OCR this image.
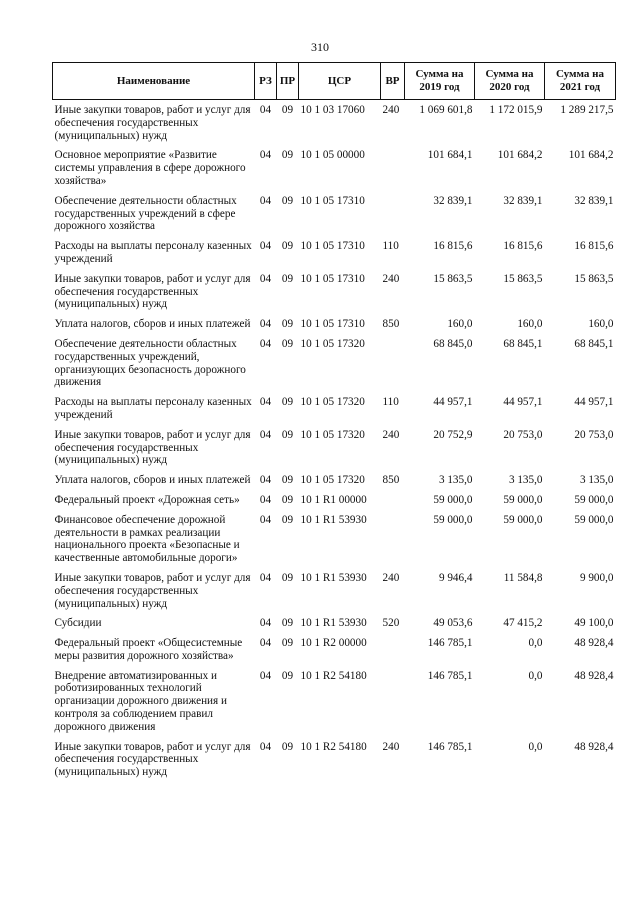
310
Наименование	РЗ	ПР	ЦСР	ВР	Сумма на 2019 год	Сумма на 2020 год	Сумма на 2021 год
Иные закупки товаров, работ и услуг для обеспечения государственных (муниципальных) нужд	04	09	10 1 03 17060	240	1 069 601,8	1 172 015,9	1 289 217,5
Основное мероприятие «Развитие системы управления в сфере дорожного хозяйства»	04	09	10 1 05 00000		101 684,1	101 684,2	101 684,2
Обеспечение деятельности областных государственных учреждений в сфере дорожного хозяйства	04	09	10 1 05 17310		32 839,1	32 839,1	32 839,1
Расходы на выплаты персоналу казенных учреждений	04	09	10 1 05 17310	110	16 815,6	16 815,6	16 815,6
Иные закупки товаров, работ и услуг для обеспечения государственных (муниципальных) нужд	04	09	10 1 05 17310	240	15 863,5	15 863,5	15 863,5
Уплата налогов, сборов и иных платежей	04	09	10 1 05 17310	850	160,0	160,0	160,0
Обеспечение деятельности областных государственных учреждений, организующих безопасность дорожного движения	04	09	10 1 05 17320		68 845,0	68 845,1	68 845,1
Расходы на выплаты персоналу казенных учреждений	04	09	10 1 05 17320	110	44 957,1	44 957,1	44 957,1
Иные закупки товаров, работ и услуг для обеспечения государственных (муниципальных) нужд	04	09	10 1 05 17320	240	20 752,9	20 753,0	20 753,0
Уплата налогов, сборов и иных платежей	04	09	10 1 05 17320	850	3 135,0	3 135,0	3 135,0
Федеральный проект «Дорожная сеть»	04	09	10 1 R1 00000		59 000,0	59 000,0	59 000,0
Финансовое обеспечение дорожной деятельности в рамках реализации национального проекта «Безопасные и качественные автомобильные дороги»	04	09	10 1 R1 53930		59 000,0	59 000,0	59 000,0
Иные закупки товаров, работ и услуг для обеспечения государственных (муниципальных) нужд	04	09	10 1 R1 53930	240	9 946,4	11 584,8	9 900,0
Субсидии	04	09	10 1 R1 53930	520	49 053,6	47 415,2	49 100,0
Федеральный проект «Общесистемные меры развития дорожного хозяйства»	04	09	10 1 R2 00000		146 785,1	0,0	48 928,4
Внедрение автоматизированных и роботизированных технологий организации дорожного движения и контроля за соблюдением правил дорожного движения	04	09	10 1 R2 54180		146 785,1	0,0	48 928,4
Иные закупки товаров, работ и услуг для обеспечения государственных (муниципальных) нужд	04	09	10 1 R2 54180	240	146 785,1	0,0	48 928,4
